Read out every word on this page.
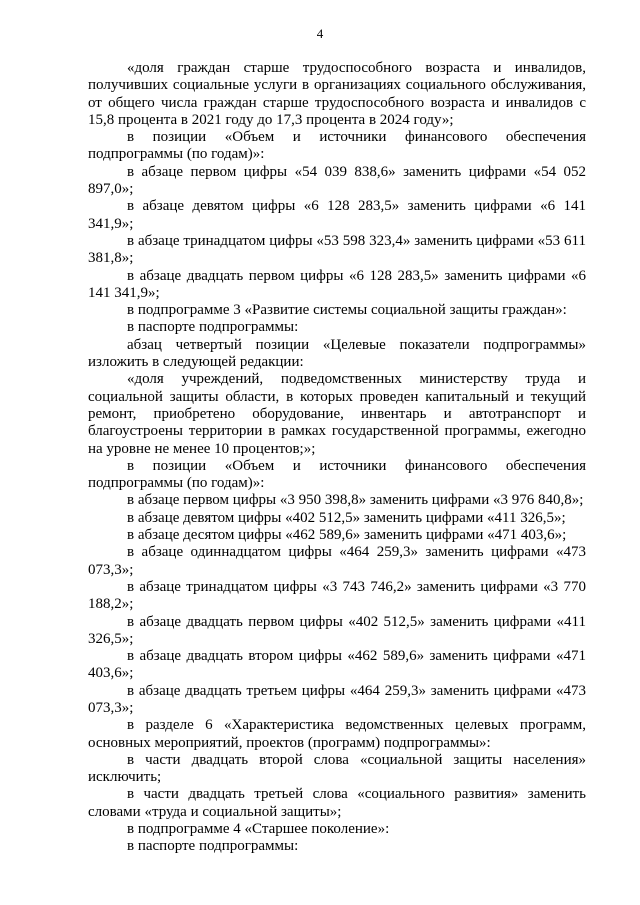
4

«доля граждан старше трудоспособного возраста и инвалидов, получивших социальные услуги в организациях социального обслуживания, от общего числа граждан старше трудоспособного возраста и инвалидов с 15,8 процента в 2021 году до 17,3 процента в 2024 году»;

в позиции «Объем и источники финансового обеспечения подпрограммы (по годам)»:

в абзаце первом цифры «54 039 838,6» заменить цифрами «54 052 897,0»;

в абзаце девятом цифры «6 128 283,5» заменить цифрами «6 141 341,9»;

в абзаце тринадцатом цифры «53 598 323,4» заменить цифрами «53 611 381,8»;

в абзаце двадцать первом цифры «6 128 283,5» заменить цифрами «6 141 341,9»;

в подпрограмме 3 «Развитие системы социальной защиты граждан»:

в паспорте подпрограммы:

абзац четвертый позиции «Целевые показатели подпрограммы» изложить в следующей редакции:

«доля учреждений, подведомственных министерству труда и социальной защиты области, в которых проведен капитальный и текущий ремонт, приобретено оборудование, инвентарь и автотранспорт и благоустроены территории в рамках государственной программы, ежегодно на уровне не менее 10 процентов;»;

в позиции «Объем и источники финансового обеспечения подпрограммы (по годам)»:

в абзаце первом цифры «3 950 398,8» заменить цифрами «3 976 840,8»;

в абзаце девятом цифры «402 512,5» заменить цифрами «411 326,5»;

в абзаце десятом цифры «462 589,6» заменить цифрами «471 403,6»;

в абзаце одиннадцатом цифры «464 259,3» заменить цифрами «473 073,3»;

в абзаце тринадцатом цифры «3 743 746,2» заменить цифрами «3 770 188,2»;

в абзаце двадцать первом цифры «402 512,5» заменить цифрами «411 326,5»;

в абзаце двадцать втором цифры «462 589,6» заменить цифрами «471 403,6»;

в абзаце двадцать третьем цифры «464 259,3» заменить цифрами «473 073,3»;

в разделе 6 «Характеристика ведомственных целевых программ, основных мероприятий, проектов (программ) подпрограммы»:

в части двадцать второй слова «социальной защиты населения» исключить;

в части двадцать третьей слова «социального развития» заменить словами «труда и социальной защиты»;

в подпрограмме 4 «Старшее поколение»:

в паспорте подпрограммы:
